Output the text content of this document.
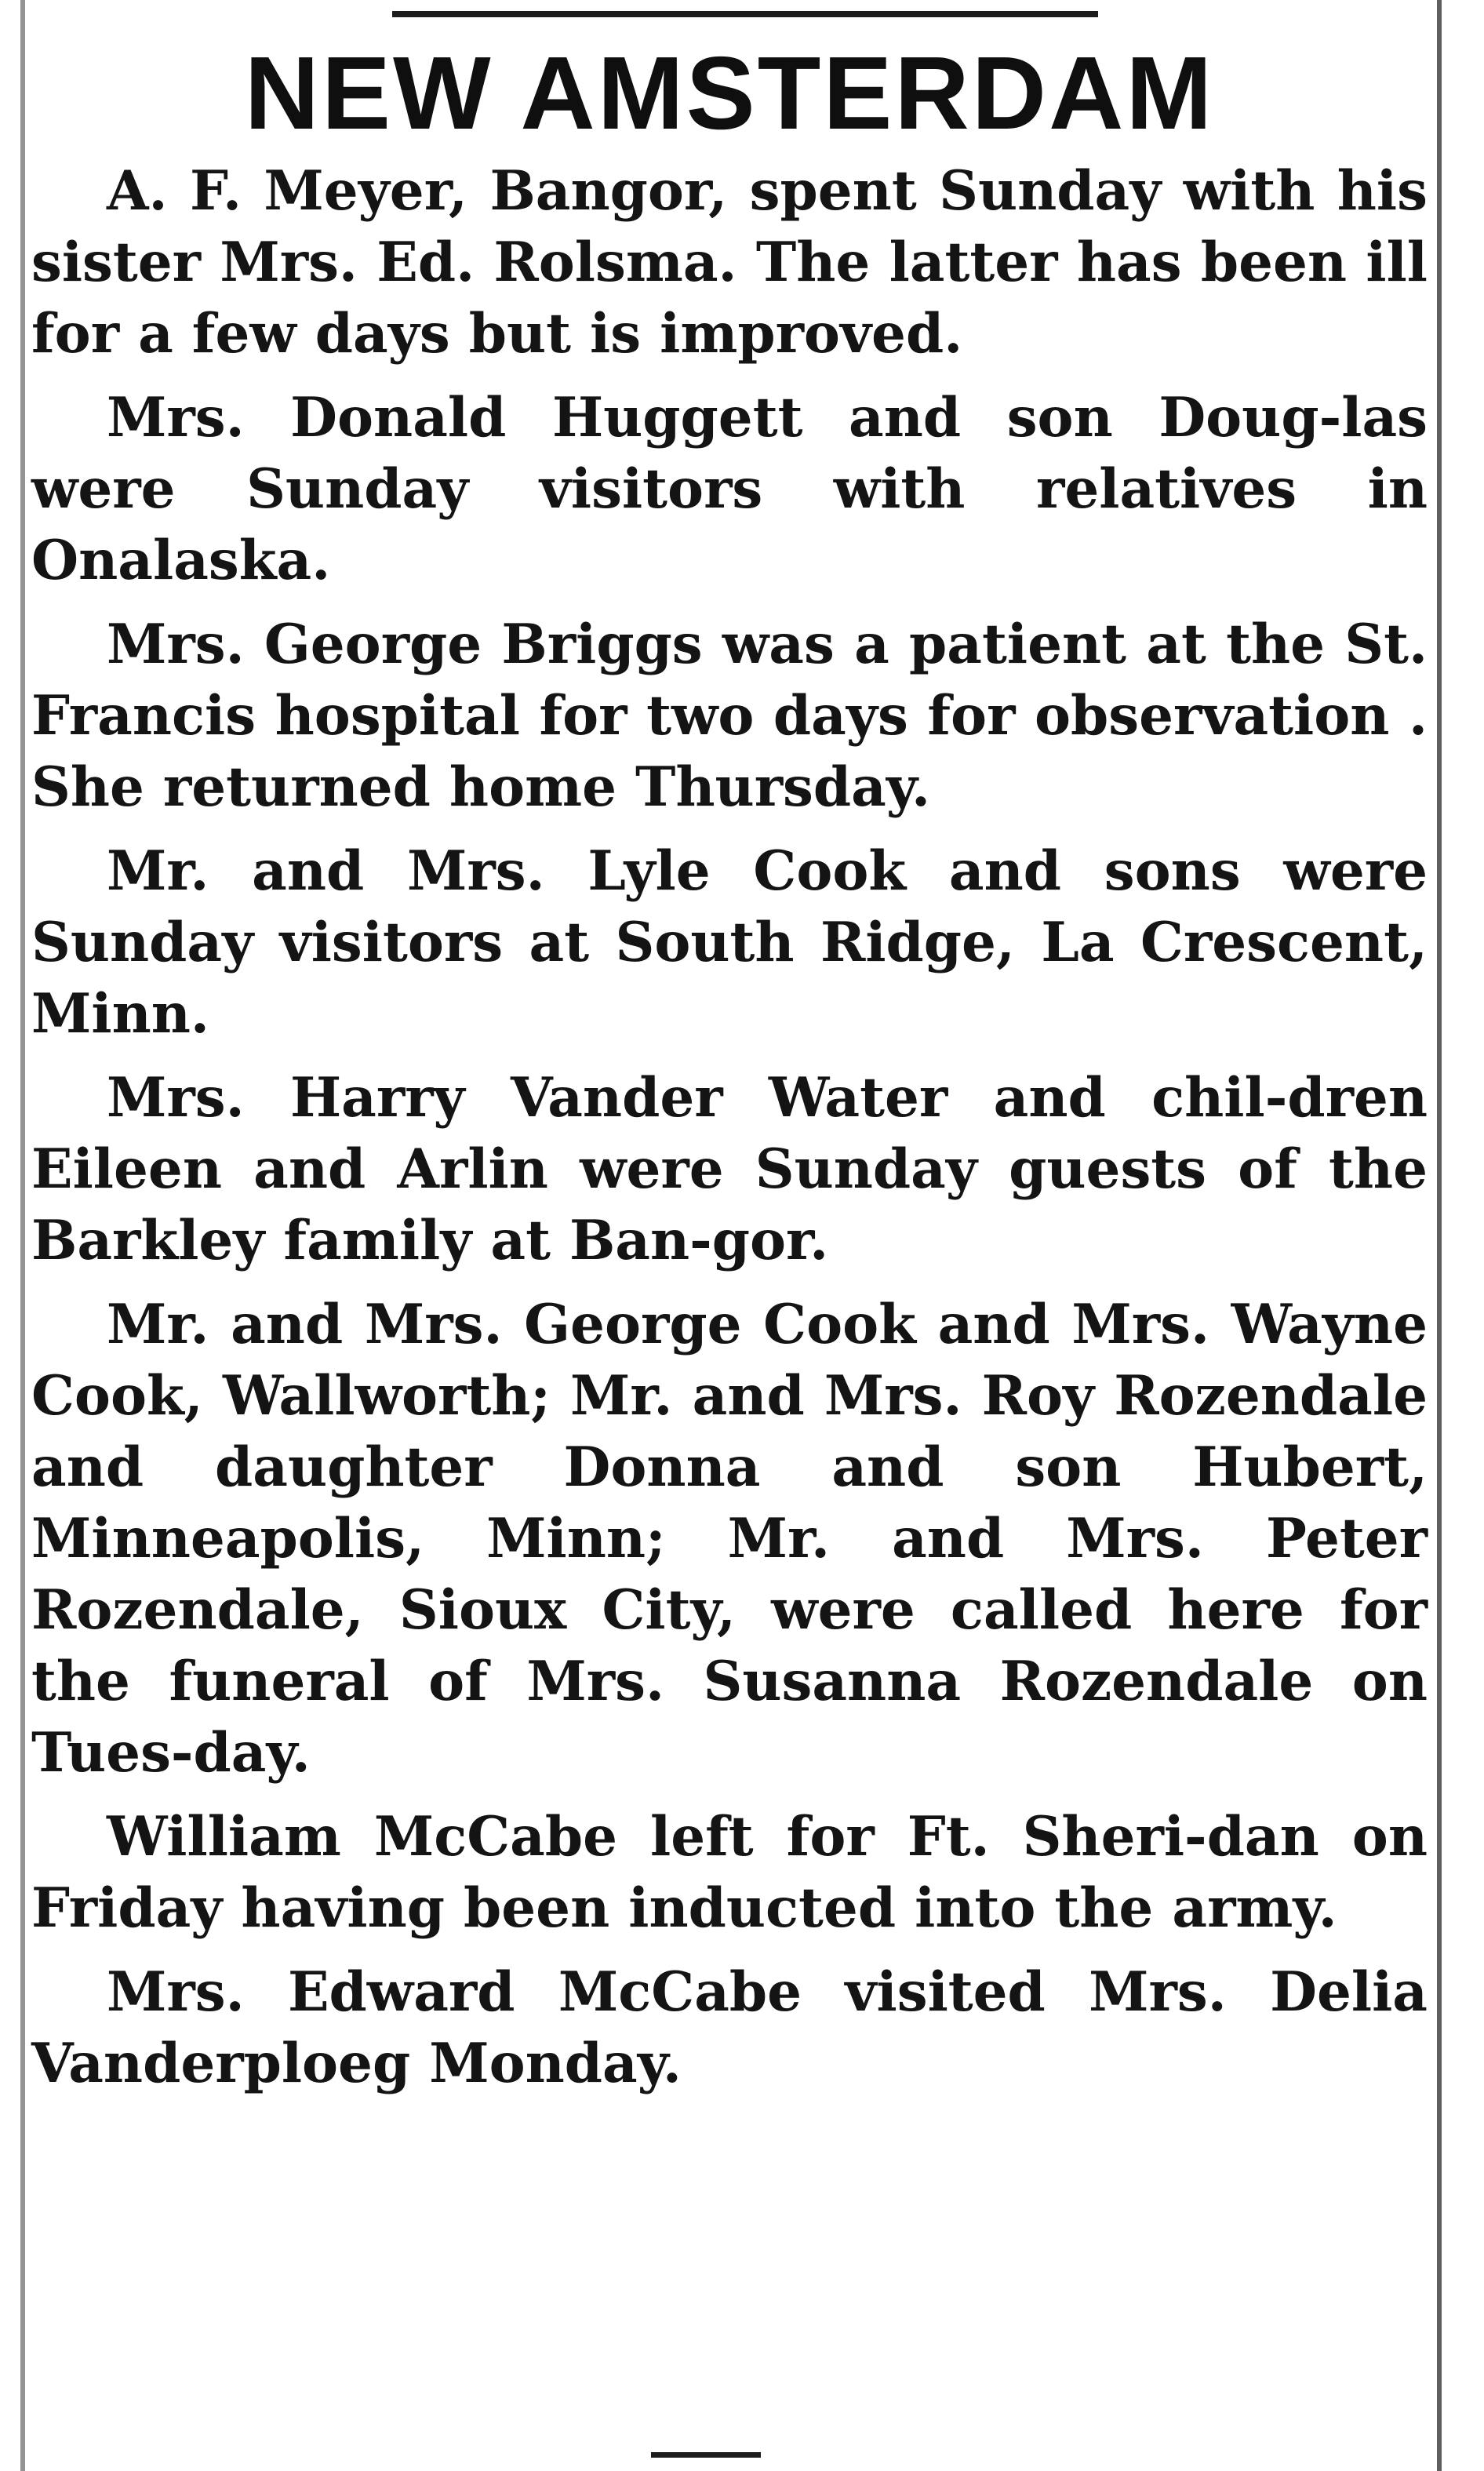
NEW AMSTERDAM

A. F. Meyer, Bangor, spent Sunday with his sister Mrs. Ed. Rolsma. The latter has been ill for a few days but is improved.

Mrs. Donald Huggett and son Doug-las were Sunday visitors with relatives in Onalaska.

Mrs. George Briggs was a patient at the St. Francis hospital for two days for observation . She returned home Thursday.

Mr. and Mrs. Lyle Cook and sons were Sunday visitors at South Ridge, La Crescent, Minn.

Mrs. Harry Vander Water and chil-dren Eileen and Arlin were Sunday guests of the Barkley family at Ban-gor.

Mr. and Mrs. George Cook and Mrs. Wayne Cook, Wallworth; Mr. and Mrs. Roy Rozendale and daughter Donna and son Hubert, Minneapolis, Minn; Mr. and Mrs. Peter Rozendale, Sioux City, were called here for the funeral of Mrs. Susanna Rozendale on Tues-day.

William McCabe left for Ft. Sheri-dan on Friday having been inducted into the army.

Mrs. Edward McCabe visited Mrs. Delia Vanderploeg Monday.
